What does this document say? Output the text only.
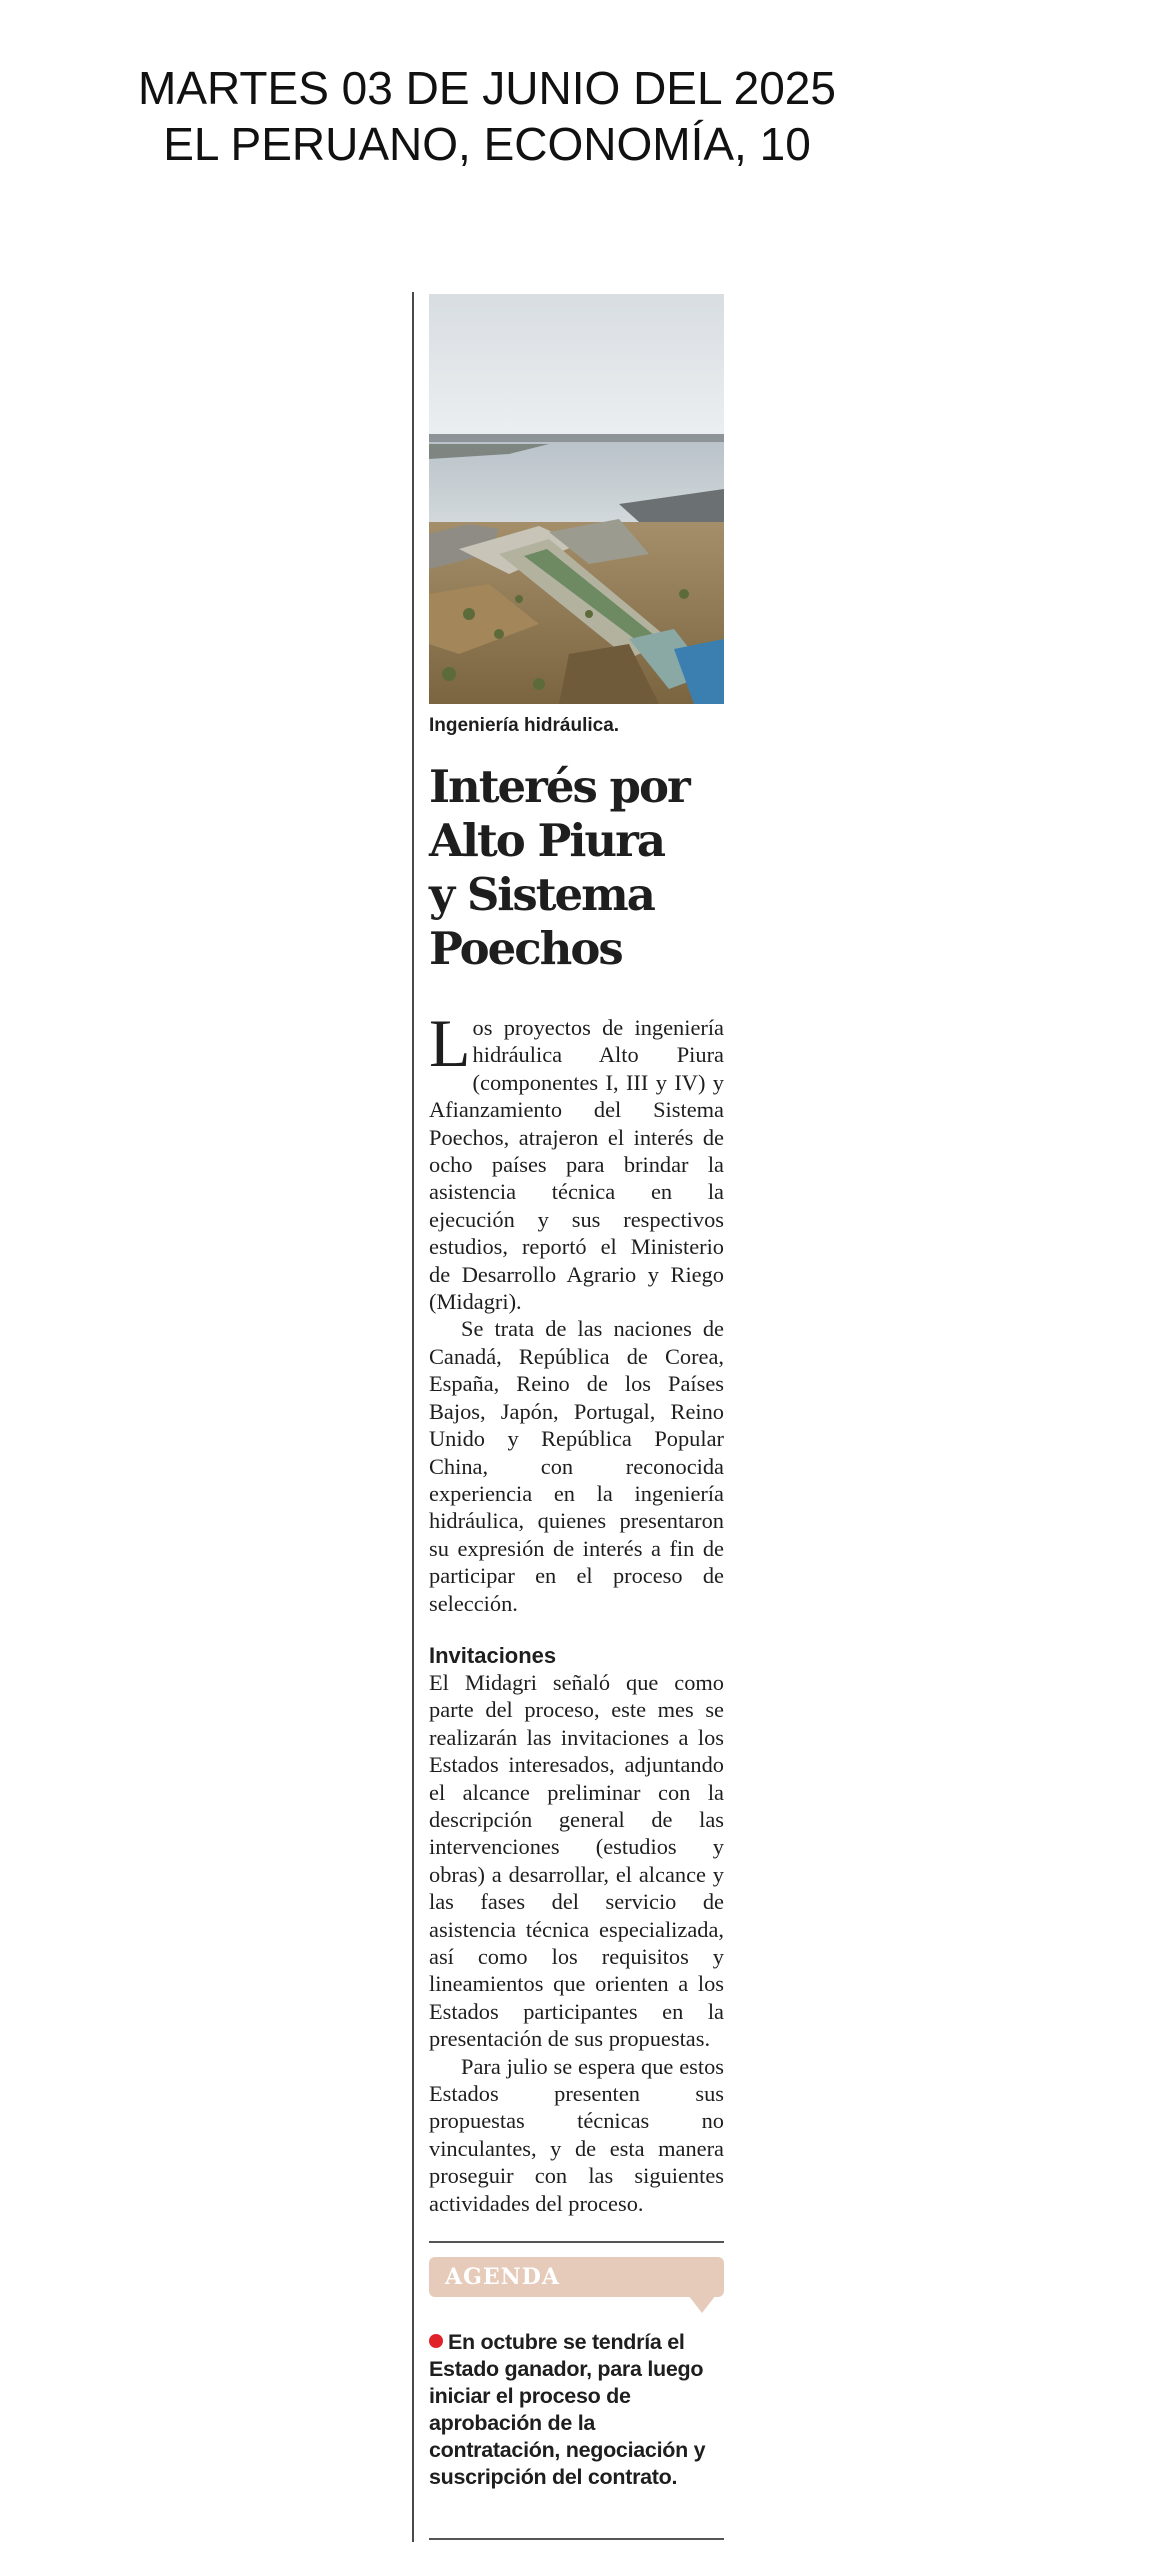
MARTES 03 DE JUNIO DEL 2025
EL PERUANO, ECONOMÍA, 10
Ingeniería hidráulica.
Interés por
Alto Piura
y Sistema
Poechos

Los proyectos de ingeniería hidráulica Alto Piura (componentes I, III y IV) y Afianzamiento del Sistema Poechos, atrajeron el interés de ocho países para brindar la asistencia técnica en la ejecución y sus respectivos estudios, reportó el Ministerio de Desarrollo Agrario y Riego (Midagri).

Se trata de las naciones de Canadá, República de Corea, España, Reino de los Países Bajos, Japón, Portugal, Reino Unido y República Popular China, con reconocida experiencia en la ingeniería hidráulica, quienes presentaron su expresión de interés a fin de participar en el proceso de selección.

Invitaciones

El Midagri señaló que como parte del proceso, este mes se realizarán las invitaciones a los Estados interesados, adjuntando el alcance preliminar con la descripción general de las intervenciones (estudios y obras) a desarrollar, el alcance y las fases del servicio de asistencia técnica especializada, así como los requisitos y lineamientos que orienten a los Estados participantes en la presentación de sus propuestas.

Para julio se espera que estos Estados presenten sus propuestas técnicas no vinculantes, y de esta manera proseguir con las siguientes actividades del proceso.

AGENDA
En octubre se tendría el Estado ganador, para luego iniciar el proceso de aprobación de la contratación, negociación y suscripción del contrato.
